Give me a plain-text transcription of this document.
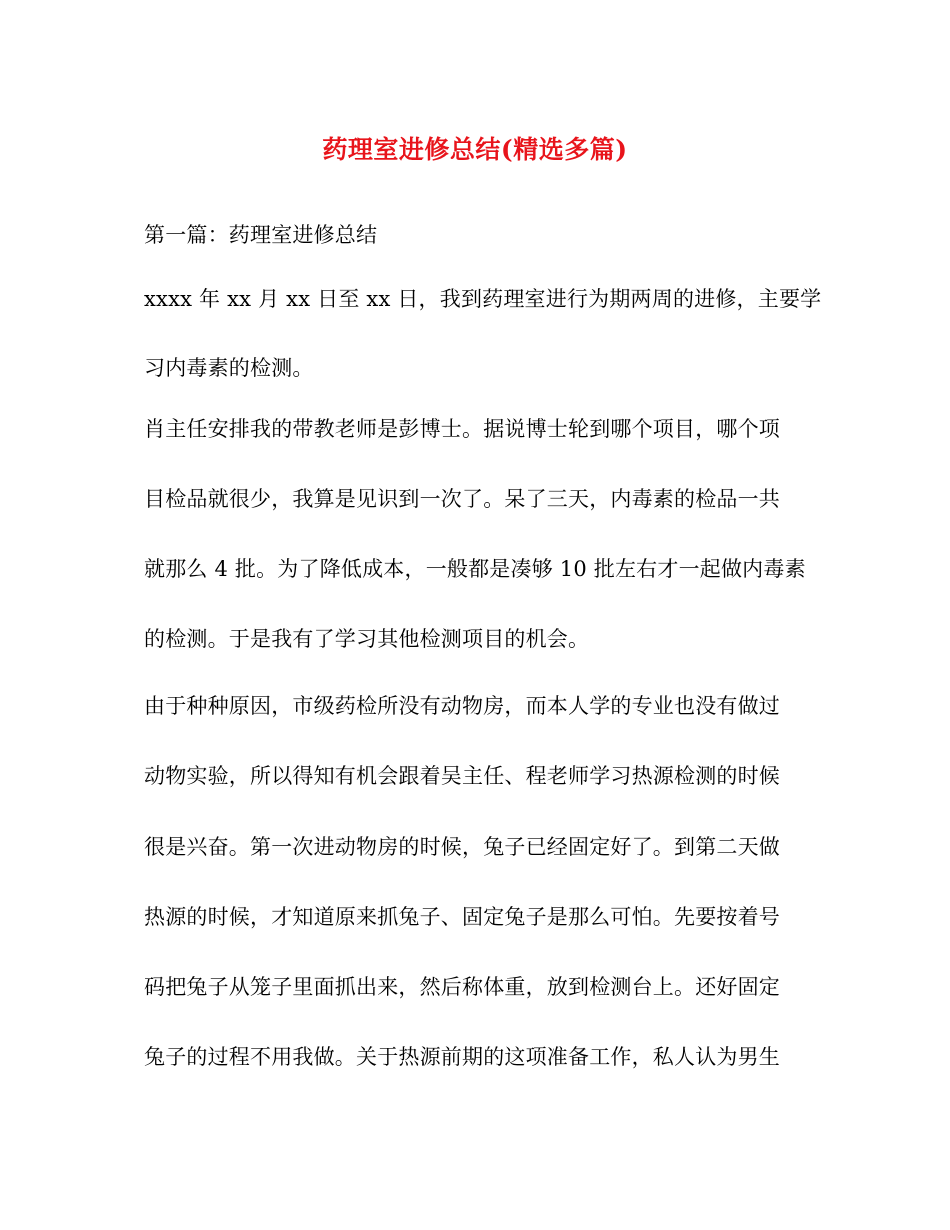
药理室进修总结(精选多篇)
第一篇：药理室进修总结
xxxx 年 xx 月 xx 日至 xx 日，我到药理室进行为期两周的进修，主要学
习内毒素的检测。
肖主任安排我的带教老师是彭博士。据说博士轮到哪个项目，哪个项
目检品就很少，我算是见识到一次了。呆了三天，内毒素的检品一共
就那么 4 批。为了降低成本，一般都是凑够 10 批左右才一起做内毒素
的检测。于是我有了学习其他检测项目的机会。
由于种种原因，市级药检所没有动物房，而本人学的专业也没有做过
动物实验，所以得知有机会跟着吴主任、程老师学习热源检测的时候
很是兴奋。第一次进动物房的时候，兔子已经固定好了。到第二天做
热源的时候，才知道原来抓兔子、固定兔子是那么可怕。先要按着号
码把兔子从笼子里面抓出来，然后称体重，放到检测台上。还好固定
兔子的过程不用我做。关于热源前期的这项准备工作，私人认为男生
